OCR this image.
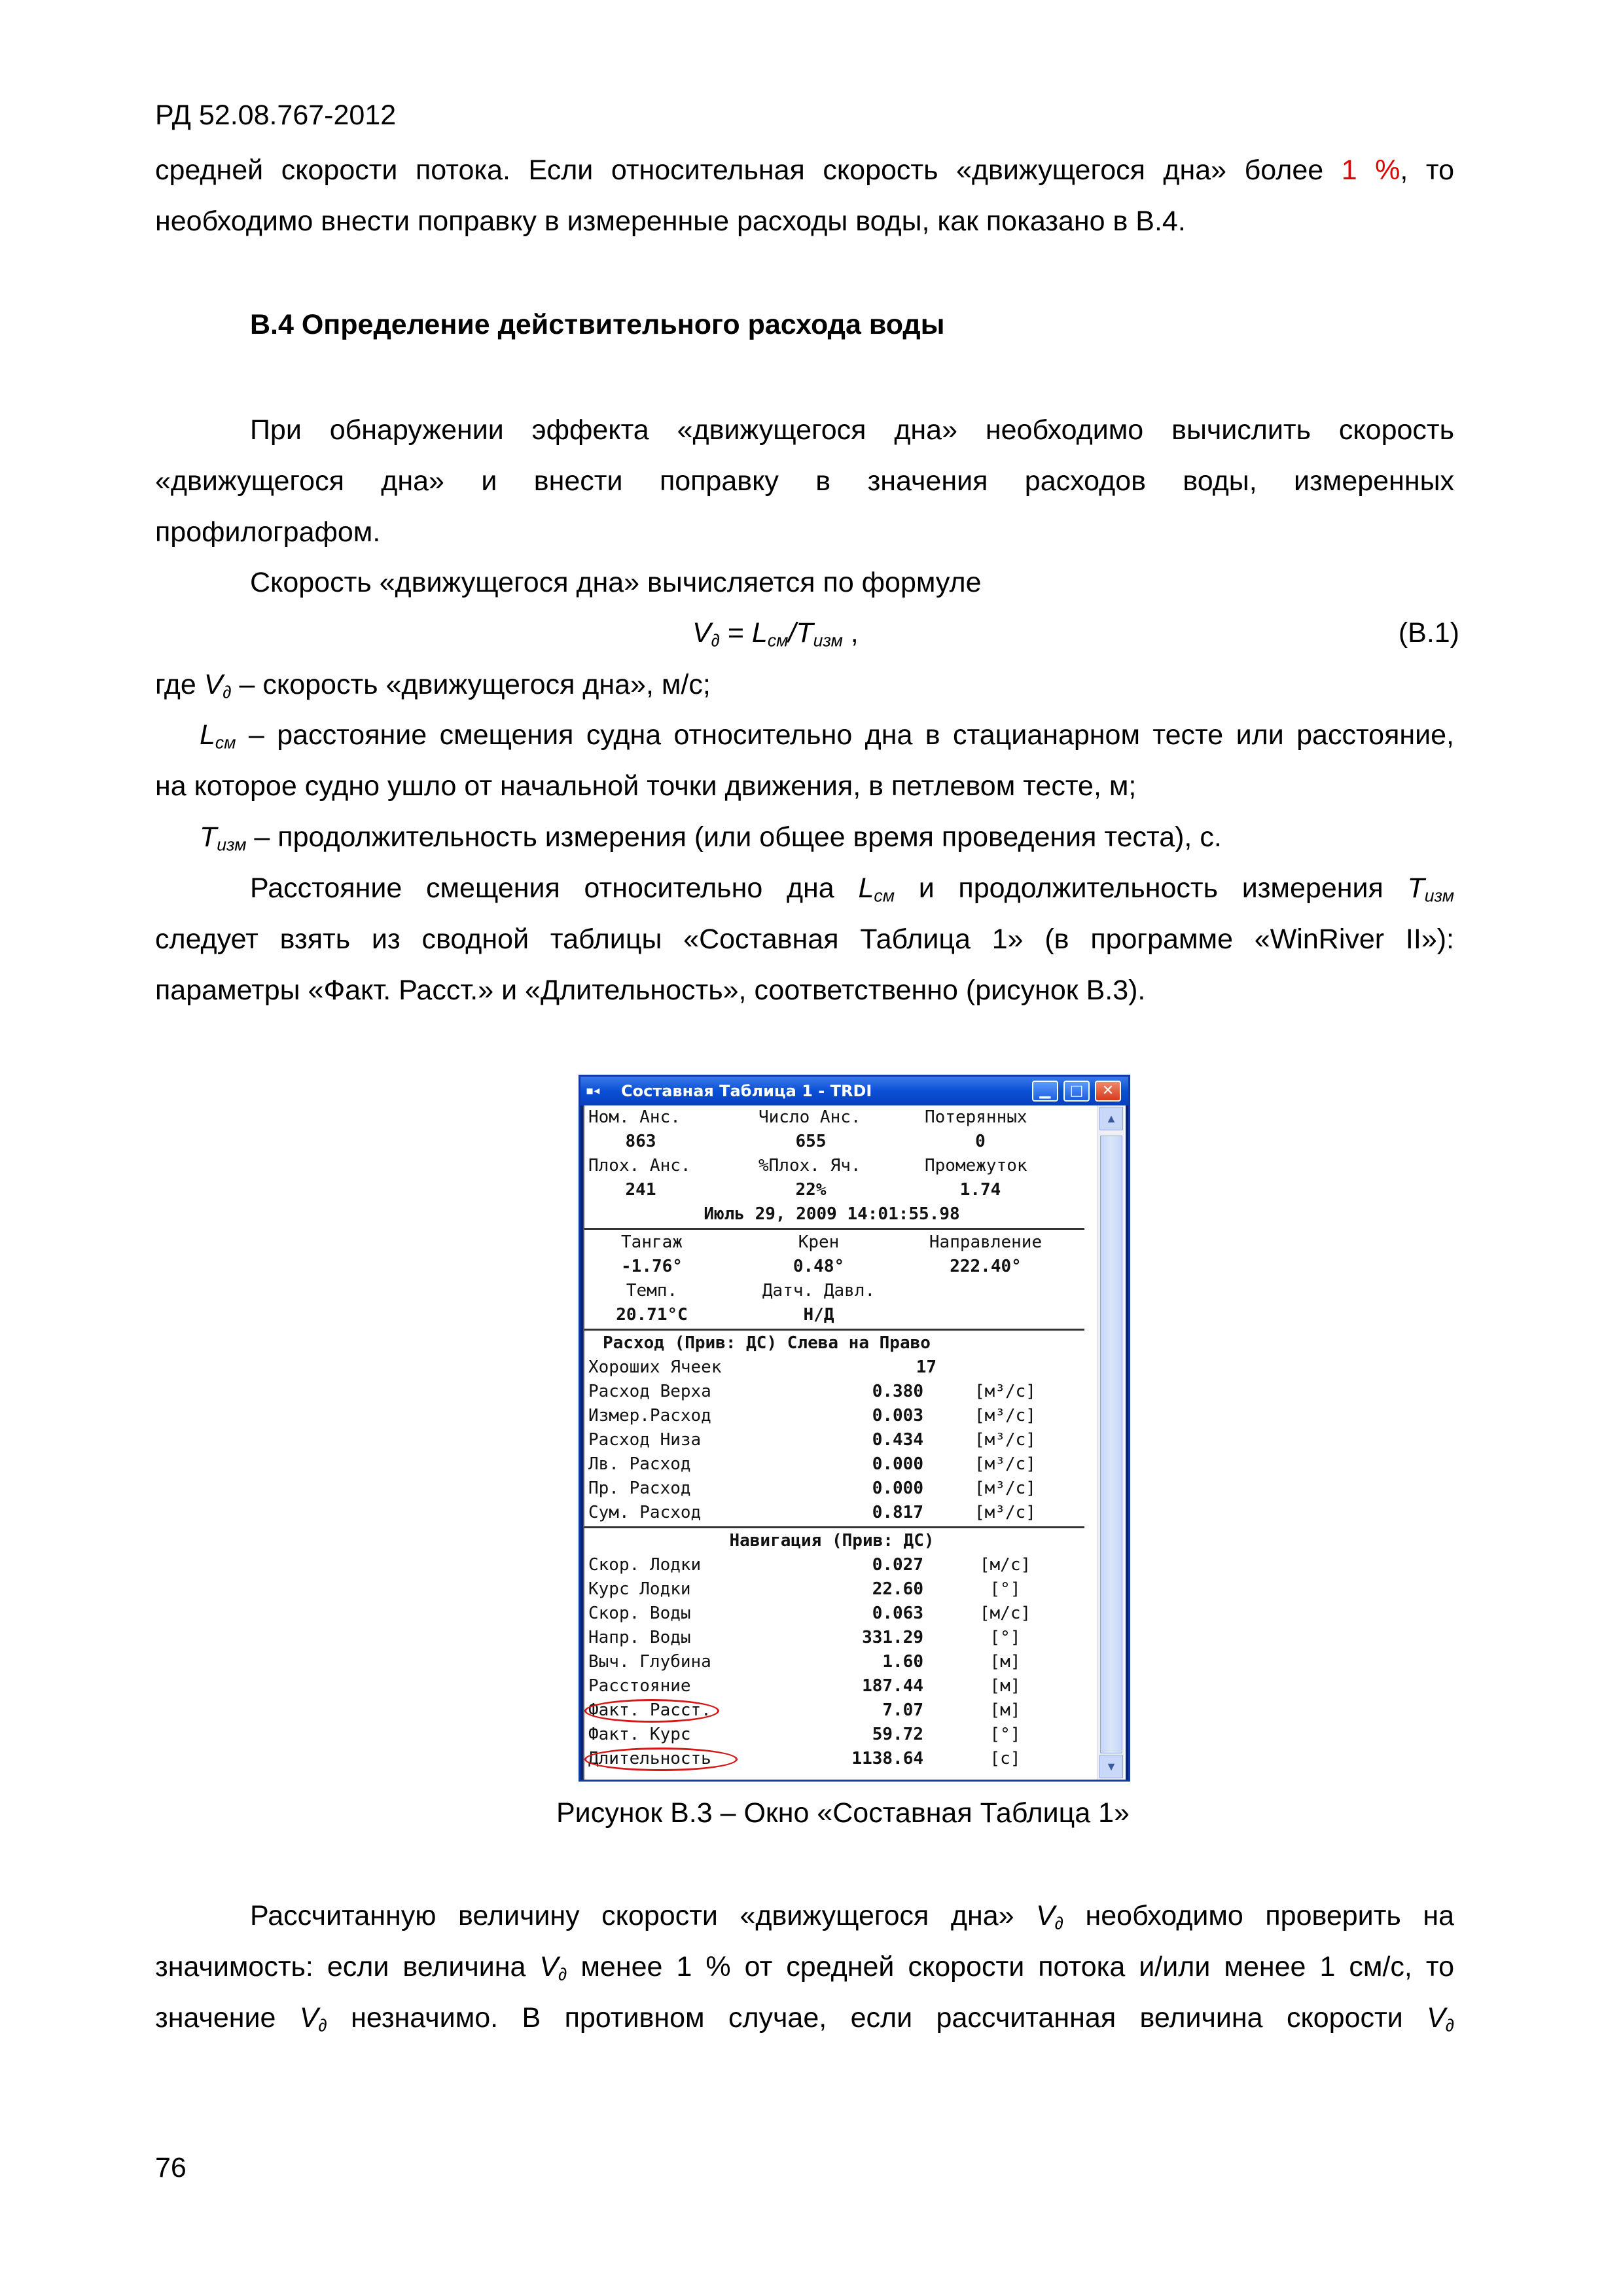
РД 52.08.767-2012
средней скорости потока. Если относительная скорость «движущегося дна» более 1 %, то
необходимо внести поправку в измеренные расходы воды, как показано в В.4.
В.4 Определение действительного расхода воды
При обнаружении эффекта «движущегося дна» необходимо вычислить скорость
«движущегося дна» и внести поправку в значения расходов воды, измеренных
профилографом.
Скорость «движущегося дна» вычисляется по формуле
$V_\partial = L_{см}/T_{изм}$ ,	(В.1)
где $V_\partial$ – скорость «движущегося дна», м/с;
$L_{см}$ – расстояние смещения судна относительно дна в стацианарном тесте или расстояние,
на которое судно ушло от начальной точки движения, в петлевом тесте, м;
$T_{изм}$ – продолжительность измерения (или общее время проведения теста), с.
Расстояние смещения относительно дна $L_{см}$ и продолжительность измерения $T_{изм}$
следует взять из сводной таблицы «Составная Таблица 1» (в программе «WinRiver II»):
параметры «Факт. Расст.» и «Длительность», соответственно (рисунок В.3).
▪◂	Составная Таблица 1 - TRDI	▁	□	✕
Ном. Анс.	Число Анс.	Потерянных
863	655	0
Плох. Анс.	%Плох. Яч.	Промежуток
241	22%	1.74
Июль 29, 2009 14:01:55.98
Тангаж	Крен	Направление
-1.76°	0.48°	222.40°
Темп.	Датч. Давл.
20.71°C	Н/Д
Расход (Прив: ДС) Слева на Право
Хороших Ячеек	17
Расход Верха	0.380	[м³/с]
Измер.Расход	0.003	[м³/с]
Расход Низа	0.434	[м³/с]
Лв. Расход	0.000	[м³/с]
Пр. Расход	0.000	[м³/с]
Сум. Расход	0.817	[м³/с]
Навигация (Прив: ДС)
Скор. Лодки	0.027	[м/с]
Курс Лодки	22.60	[°]
Скор. Воды	0.063	[м/с]
Напр. Воды	331.29	[°]
Выч. Глубина	1.60	[м]
Расстояние	187.44	[м]
Факт. Расст.	7.07	[м]
Факт. Курс	59.72	[°]
Длительность	1138.64	[с]
▲
▼
Рисунок В.3 – Окно «Составная Таблица 1»
Рассчитанную величину скорости «движущегося дна» $V_\partial$ необходимо проверить на
значимость: если величина $V_\partial$ менее 1 % от средней скорости потока и/или менее 1 см/с, то
значение $V_\partial$ незначимо. В противном случае, если рассчитанная величина скорости $V_\partial$
76
